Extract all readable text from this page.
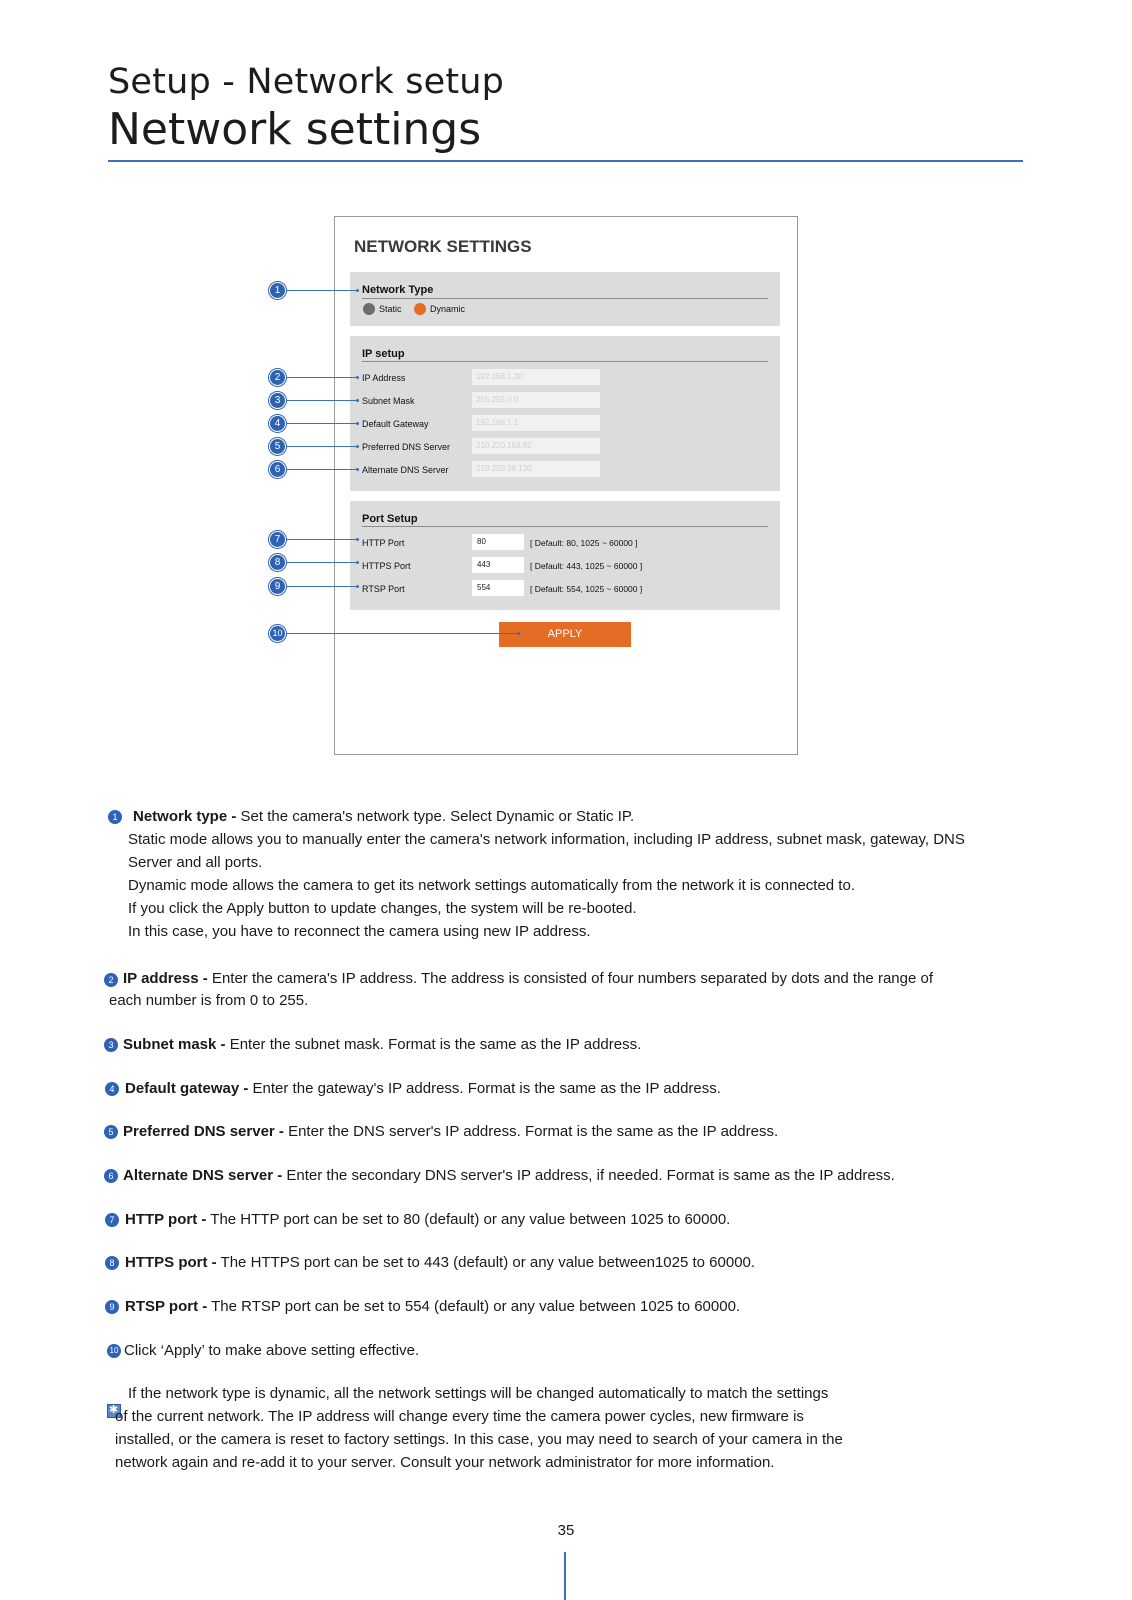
Setup - Network setup
Network settings
NETWORK SETTINGS
Network Type
Static	Dynamic
IP setup
IP Address	192.168.1.30
Subnet Mask	255.255.0.0
Default Gateway	192.168.1.1
Preferred DNS Server	210.220.163.82
Alternate DNS Server	219.250.36.130
Port Setup
HTTP Port	80	[ Default: 80, 1025 ~ 60000 ]
HTTPS Port	443	[ Default: 443, 1025 ~ 60000 ]
RTSP Port	554	[ Default: 554, 1025 ~ 60000 ]
APPLY
1
2
3
4
5
6
7
8
9
10
1	Network type - Set the camera's network type. Select Dynamic or Static IP.
Static mode allows you to manually enter the camera's network information, including IP address, subnet mask, gateway, DNS
Server and all ports.
Dynamic mode allows the camera to get its network settings automatically from the network it is connected to.
If you click the Apply button to update changes, the system will be re-booted.
In this case, you have to reconnect the camera using new IP address.
2 IP address - Enter the camera's IP address. The address is consisted of four numbers separated by dots and the range of
each number is from 0 to 255.
3 Subnet mask - Enter the subnet mask. Format is the same as the IP address.
4 Default gateway - Enter the gateway's IP address. Format is the same as the IP address.
5 Preferred DNS server - Enter the DNS server's IP address. Format is the same as the IP address.
6 Alternate DNS server - Enter the secondary DNS server's IP address, if needed. Format is same as the IP address.
7 HTTP port - The HTTP port can be set to 80 (default) or any value between 1025 to 60000.
8 HTTPS port - The HTTPS port can be set to 443 (default) or any value between1025 to 60000.
9 RTSP port - The RTSP port can be set to 554 (default) or any value between 1025 to 60000.
10 Click ‘Apply’ to make above setting effective.
✱
If the network type is dynamic, all the network settings will be changed automatically to match the settings
of the current network. The IP address will change every time the camera power cycles, new firmware is
installed, or the camera is reset to factory settings. In this case, you may need to search of your camera in the
network again and re-add it to your server. Consult your network administrator for more information.
35
